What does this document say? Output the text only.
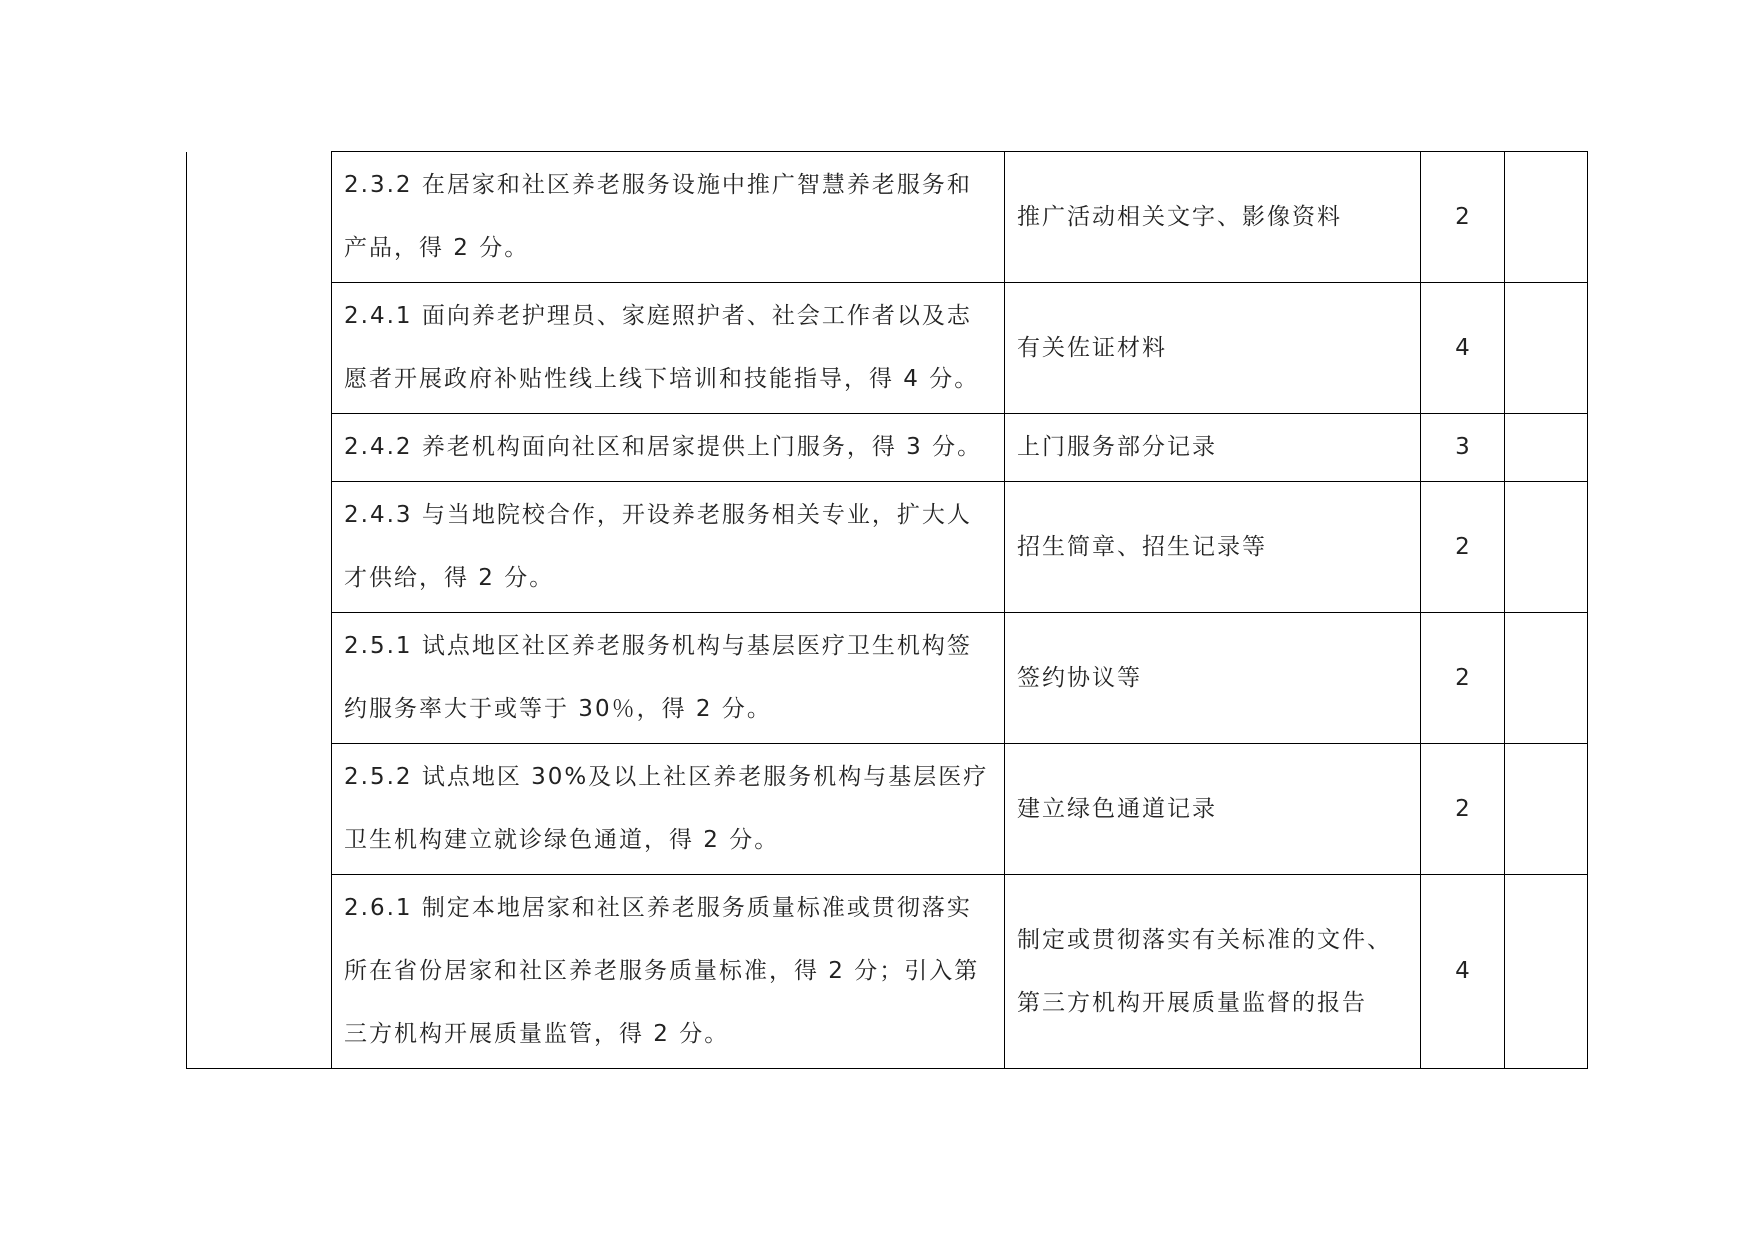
	2.3.2 在居家和社区养老服务设施中推广智慧养老服务和产品，得 2 分。	推广活动相关文字、影像资料	2	
	2.4.1 面向养老护理员、家庭照护者、社会工作者以及志愿者开展政府补贴性线上线下培训和技能指导，得 4 分。	有关佐证材料	4	
	2.4.2 养老机构面向社区和居家提供上门服务，得 3 分。	上门服务部分记录	3	
	2.4.3 与当地院校合作，开设养老服务相关专业，扩大人才供给，得 2 分。	招生简章、招生记录等	2	
	2.5.1 试点地区社区养老服务机构与基层医疗卫生机构签约服务率大于或等于 30％，得 2 分。	签约协议等	2	
	2.5.2 试点地区 30%及以上社区养老服务机构与基层医疗卫生机构建立就诊绿色通道，得 2 分。	建立绿色通道记录	2	
	2.6.1 制定本地居家和社区养老服务质量标准或贯彻落实所在省份居家和社区养老服务质量标准，得 2 分；引入第三方机构开展质量监管，得 2 分。	制定或贯彻落实有关标准的文件、第三方机构开展质量监督的报告	4	
